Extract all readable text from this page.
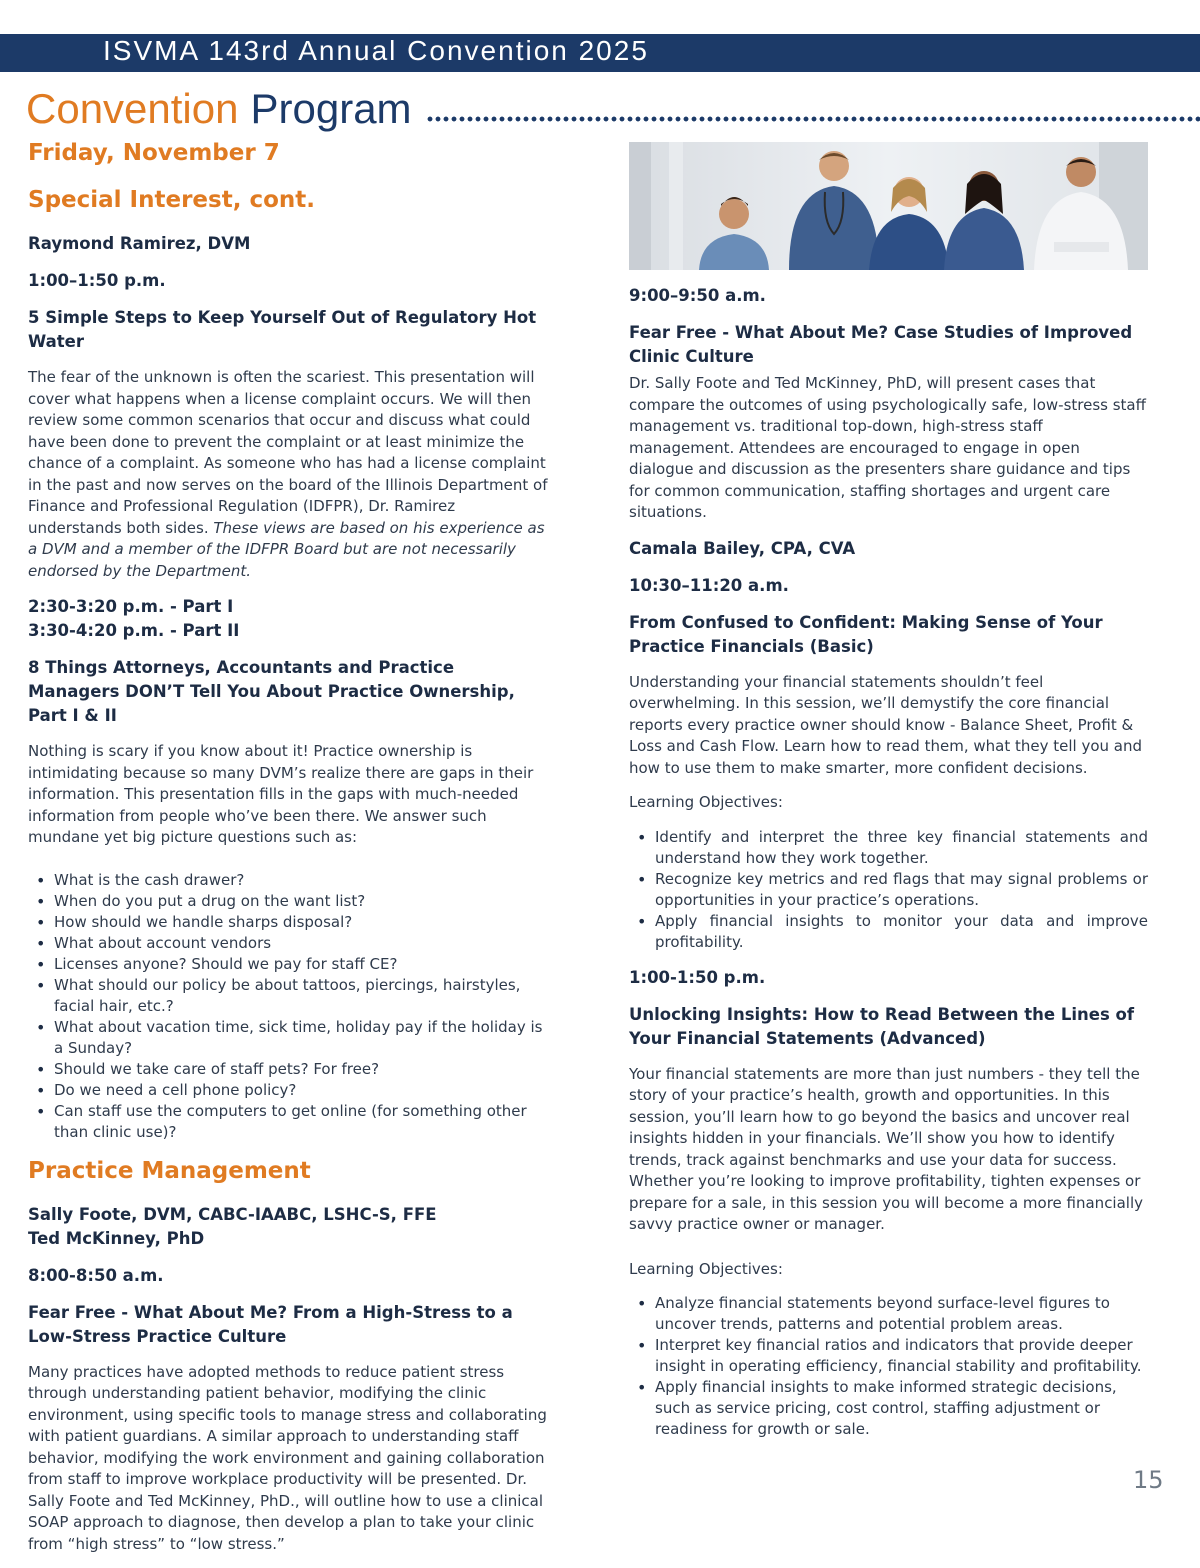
ISVMA 143rd Annual Convention 2025
Convention Program
Friday, November 7
Special Interest, cont.
Raymond Ramirez, DVM
1:00–1:50 p.m.
5 Simple Steps to Keep Yourself Out of Regulatory Hot Water

The fear of the unknown is often the scariest. This presentation will cover what happens when a license complaint occurs. We will then review some common scenarios that occur and discuss what could have been done to prevent the complaint or at least minimize the chance of a complaint. As someone who has had a license complaint in the past and now serves on the board of the Illinois Department of Finance and Professional Regulation (IDFPR), Dr. Ramirez understands both sides. These views are based on his experience as a DVM and a member of the IDFPR Board but are not necessarily endorsed by the Department.

2:30-3:20 p.m. - Part I
3:30-4:20 p.m. - Part II
8 Things Attorneys, Accountants and Practice Managers DON’T Tell You About Practice Ownership, Part I & II

Nothing is scary if you know about it! Practice ownership is intimidating because so many DVM’s realize there are gaps in their information. This presentation fills in the gaps with much-needed information from people who’ve been there. We answer such mundane yet big picture questions such as:

• What is the cash drawer?
• When do you put a drug on the want list?
• How should we handle sharps disposal?
• What about account vendors
• Licenses anyone? Should we pay for staff CE?
• What should our policy be about tattoos, piercings, hairstyles, facial hair, etc.?
• What about vacation time, sick time, holiday pay if the holiday is a Sunday?
• Should we take care of staff pets? For free?
• Do we need a cell phone policy?
• Can staff use the computers to get online (for something other than clinic use)?
Practice Management
Sally Foote, DVM, CABC-IAABC, LSHC-S, FFE
Ted McKinney, PhD
8:00-8:50 a.m.
Fear Free - What About Me? From a High-Stress to a Low-Stress Practice Culture

Many practices have adopted methods to reduce patient stress through understanding patient behavior, modifying the clinic environment, using specific tools to manage stress and collaborating with patient guardians. A similar approach to understanding staff behavior, modifying the work environment and gaining collaboration from staff to improve workplace productivity will be presented. Dr. Sally Foote and Ted McKinney, PhD., will outline how to use a clinical SOAP approach to diagnose, then develop a plan to take your clinic from “high stress” to “low stress.”

9:00–9:50 a.m.
Fear Free - What About Me? Case Studies of Improved Clinic Culture

Dr. Sally Foote and Ted McKinney, PhD, will present cases that compare the outcomes of using psychologically safe, low-stress staff management vs. traditional top-down, high-stress staff management. Attendees are encouraged to engage in open dialogue and discussion as the presenters share guidance and tips for common communication, staffing shortages and urgent care situations.

Camala Bailey, CPA, CVA
10:30–11:20 a.m.
From Confused to Confident: Making Sense of Your Practice Financials (Basic)

Understanding your financial statements shouldn’t feel overwhelming. In this session, we’ll demystify the core financial reports every practice owner should know - Balance Sheet, Profit & Loss and Cash Flow. Learn how to read them, what they tell you and how to use them to make smarter, more confident decisions.

Learning Objectives:

• Identify and interpret the three key financial statements and understand how they work together.
• Recognize key metrics and red flags that may signal problems or opportunities in your practice’s operations.
• Apply financial insights to monitor your data and improve profitability.
1:00-1:50 p.m.
Unlocking Insights: How to Read Between the Lines of Your Financial Statements (Advanced)

Your financial statements are more than just numbers - they tell the story of your practice’s health, growth and opportunities. In this session, you’ll learn how to go beyond the basics and uncover real insights hidden in your financials. We’ll show you how to identify trends, track against benchmarks and use your data for success. Whether you’re looking to improve profitability, tighten expenses or prepare for a sale, in this session you will become a more financially savvy practice owner or manager.

Learning Objectives:

• Analyze financial statements beyond surface-level figures to uncover trends, patterns and potential problem areas.
• Interpret key financial ratios and indicators that provide deeper insight in operating efficiency, financial stability and profitability.
• Apply financial insights to make informed strategic decisions, such as service pricing, cost control, staffing adjustment or readiness for growth or sale.
15
